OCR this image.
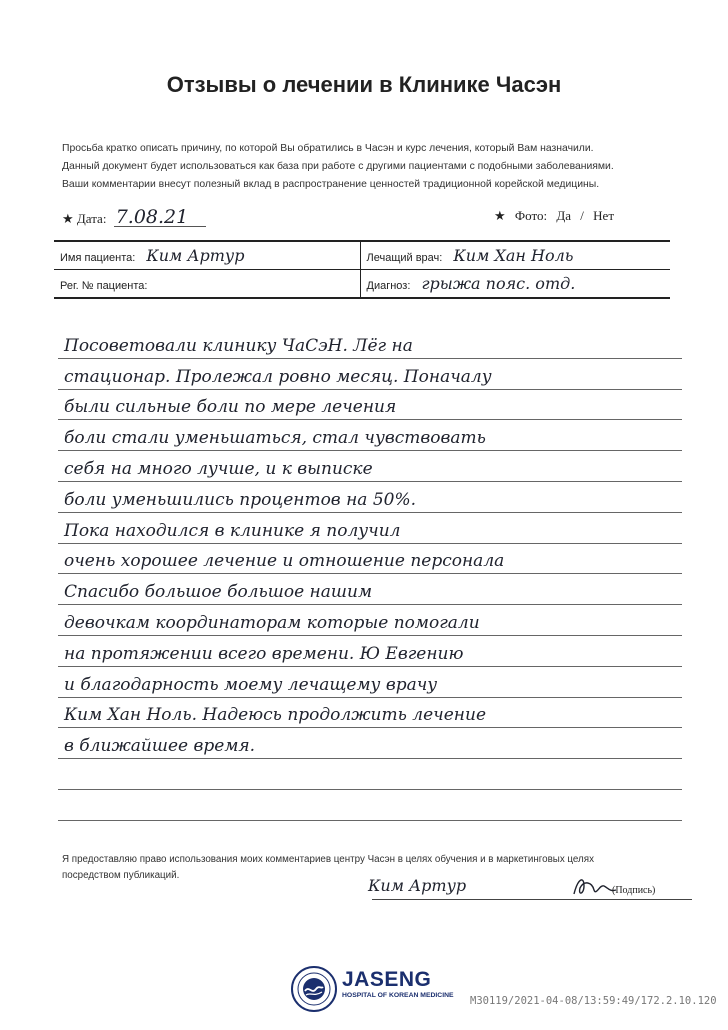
Отзывы о лечении в Клинике Часэн
Просьба кратко описать причину, по которой Вы обратились в Часэн и курс лечения, который Вам назначили.
Данный документ будет использоваться как база при работе с другими пациентами с подобными заболеваниями.
Ваши комментарии внесут полезный вклад в распространение ценностей традиционной корейской медицины.
★ Дата: 7.08.21	★ Фото: Да / Нет
Имя пациента: Ким Артур	Лечащий врач: Ким Хан Ноль
Рег. № пациента:	Диагноз: грыжа пояс. отд.
Посоветовали клинику ЧаСэН. Лёг на
стационар. Пролежал ровно месяц. Поначалу
были сильные боли по мере лечения
боли стали уменьшаться, стал чувствовать
себя на много лучше, и к выписке
боли уменьшились процентов на 50%.
Пока находился в клинике я получил
очень хорошее лечение и отношение персонала
Спасибо большое большое нашим
девочкам координаторам которые помогали
на протяжении всего времени. Ю Евгению
и благодарность моему лечащему врачу
Ким Хан Ноль. Надеюсь продолжить лечение
в ближайшее время.
Я предоставляю право использования моих комментариев центру Часэн в целях обучения и в маркетинговых целях
посредством публикаций.
Ким Артур	(Подпись)
JASENG
HOSPITAL OF KOREAN MEDICINE M30119/2021-04-08/13:59:49/172.2.10.120
